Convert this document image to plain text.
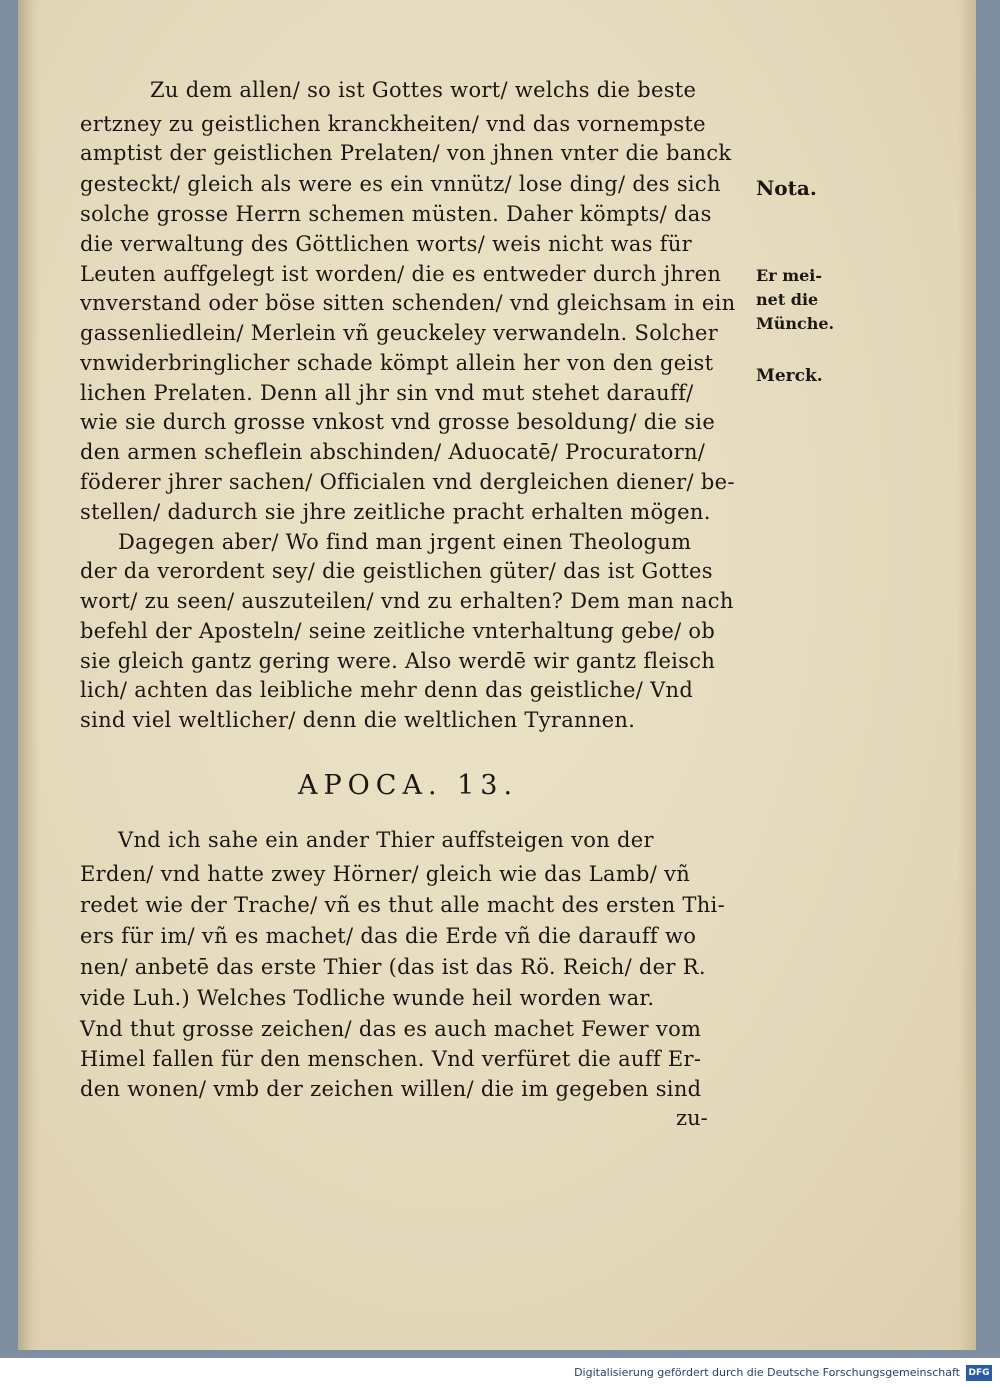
Zu dem allen/ so ist Gottes wort/ welchs die beste

ertzney zu geistlichen kranckheiten/ vnd das vornempste

amptist der geistlichen Prelaten/ von jhnen vnter die banck

gesteckt/ gleich als were es ein vnnütz/ lose ding/ des sich

solche grosse Herrn schemen müsten. Daher kömpts/ das

die verwaltung des Göttlichen worts/ weis nicht was für

Leuten auffgelegt ist worden/ die es entweder durch jhren

vnverstand oder böse sitten schenden/ vnd gleichsam in ein

gassenliedlein/ Merlein vñ geuckeley verwandeln. Solcher

vnwiderbringlicher schade kömpt allein her von den geist

lichen Prelaten. Denn all jhr sin vnd mut stehet darauff/

wie sie durch grosse vnkost vnd grosse besoldung/ die sie

den armen scheflein abschinden/ Aduocatē/ Procuratorn/

föderer jhrer sachen/ Officialen vnd dergleichen diener/ be-

stellen/ dadurch sie jhre zeitliche pracht erhalten mögen.

Dagegen aber/ Wo find man jrgent einen Theologum

der da verordent sey/ die geistlichen güter/ das ist Gottes

wort/ zu seen/ auszuteilen/ vnd zu erhalten? Dem man nach

befehl der Aposteln/ seine zeitliche vnterhaltung gebe/ ob

sie gleich gantz gering were. Also werdē wir gantz fleisch

lich/ achten das leibliche mehr denn das geistliche/ Vnd

sind viel weltlicher/ denn die weltlichen Tyrannen.

APOCA. 13.

Vnd ich sahe ein ander Thier auffsteigen von der

Erden/ vnd hatte zwey Hörner/ gleich wie das Lamb/ vñ

redet wie der Trache/ vñ es thut alle macht des ersten Thi-

ers für im/ vñ es machet/ das die Erde vñ die darauff wo

nen/ anbetē das erste Thier (das ist das Rö. Reich/ der R.

vide Luh.) Welches Todliche wunde heil worden war.

Vnd thut grosse zeichen/ das es auch machet Fewer vom

Himel fallen für den menschen. Vnd verfüret die auff Er-

den wonen/ vmb der zeichen willen/ die im gegeben sind

zu-

Nota.

Er mei-

net die

Münche.

Merck.

Digitalisierung gefördert durch die Deutsche Forschungsgemeinschaft DFG
